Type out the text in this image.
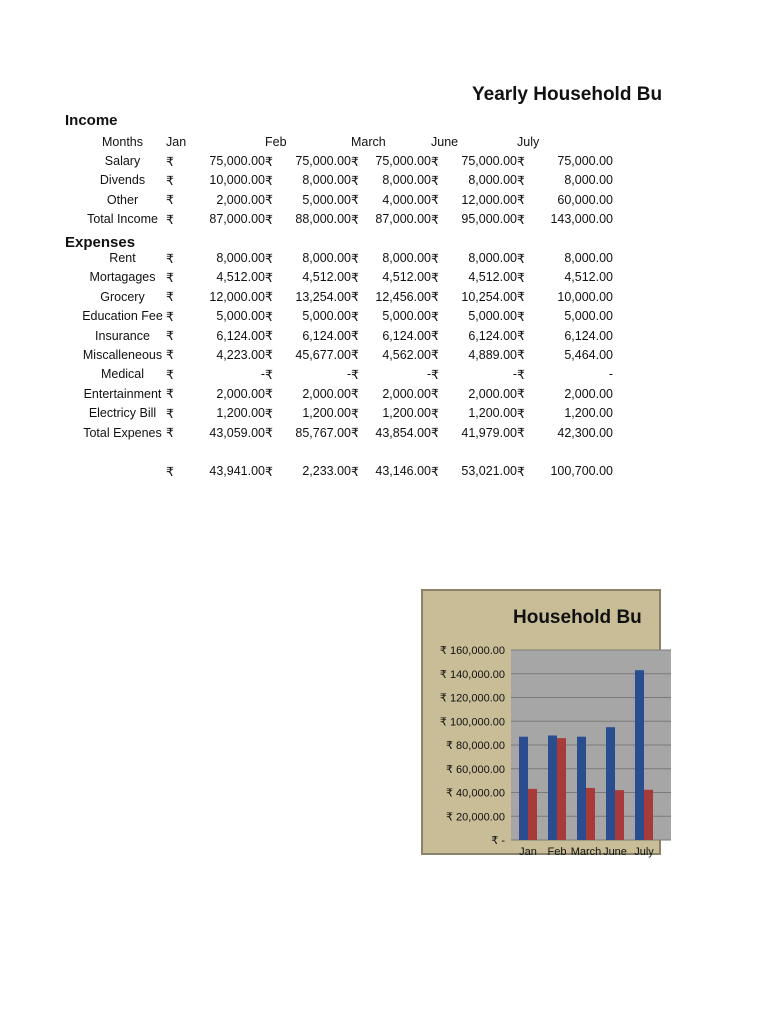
Yearly Household Bu
Income
Expenses
Months	Jan		Feb		March		June		July	
Salary	₹	75,000.00	₹	75,000.00	₹	75,000.00	₹	75,000.00	₹	75,000.00
Divends	₹	10,000.00	₹	8,000.00	₹	8,000.00	₹	8,000.00	₹	8,000.00
Other	₹	2,000.00	₹	5,000.00	₹	4,000.00	₹	12,000.00	₹	60,000.00
Total Income	₹	87,000.00	₹	88,000.00	₹	87,000.00	₹	95,000.00	₹	143,000.00

Rent	₹	8,000.00	₹	8,000.00	₹	8,000.00	₹	8,000.00	₹	8,000.00
Mortagages	₹	4,512.00	₹	4,512.00	₹	4,512.00	₹	4,512.00	₹	4,512.00
Grocery	₹	12,000.00	₹	13,254.00	₹	12,456.00	₹	10,254.00	₹	10,000.00
Education Fee	₹	5,000.00	₹	5,000.00	₹	5,000.00	₹	5,000.00	₹	5,000.00
Insurance	₹	6,124.00	₹	6,124.00	₹	6,124.00	₹	6,124.00	₹	6,124.00
Miscalleneous	₹	4,223.00	₹	45,677.00	₹	4,562.00	₹	4,889.00	₹	5,464.00
Medical	₹	-	₹	-	₹	-	₹	-	₹	-
Entertainment	₹	2,000.00	₹	2,000.00	₹	2,000.00	₹	2,000.00	₹	2,000.00
Electricy Bill	₹	1,200.00	₹	1,200.00	₹	1,200.00	₹	1,200.00	₹	1,200.00
Total Expenes	₹	43,059.00	₹	85,767.00	₹	43,854.00	₹	41,979.00	₹	42,300.00

	₹	43,941.00	₹	2,233.00	₹	43,146.00	₹	53,021.00	₹	100,700.00
₹ -
₹ 20,000.00
₹ 40,000.00
₹ 60,000.00
₹ 80,000.00
₹ 100,000.00
₹ 120,000.00
₹ 140,000.00
₹ 160,000.00
Jan Feb March June July
Household Bu
